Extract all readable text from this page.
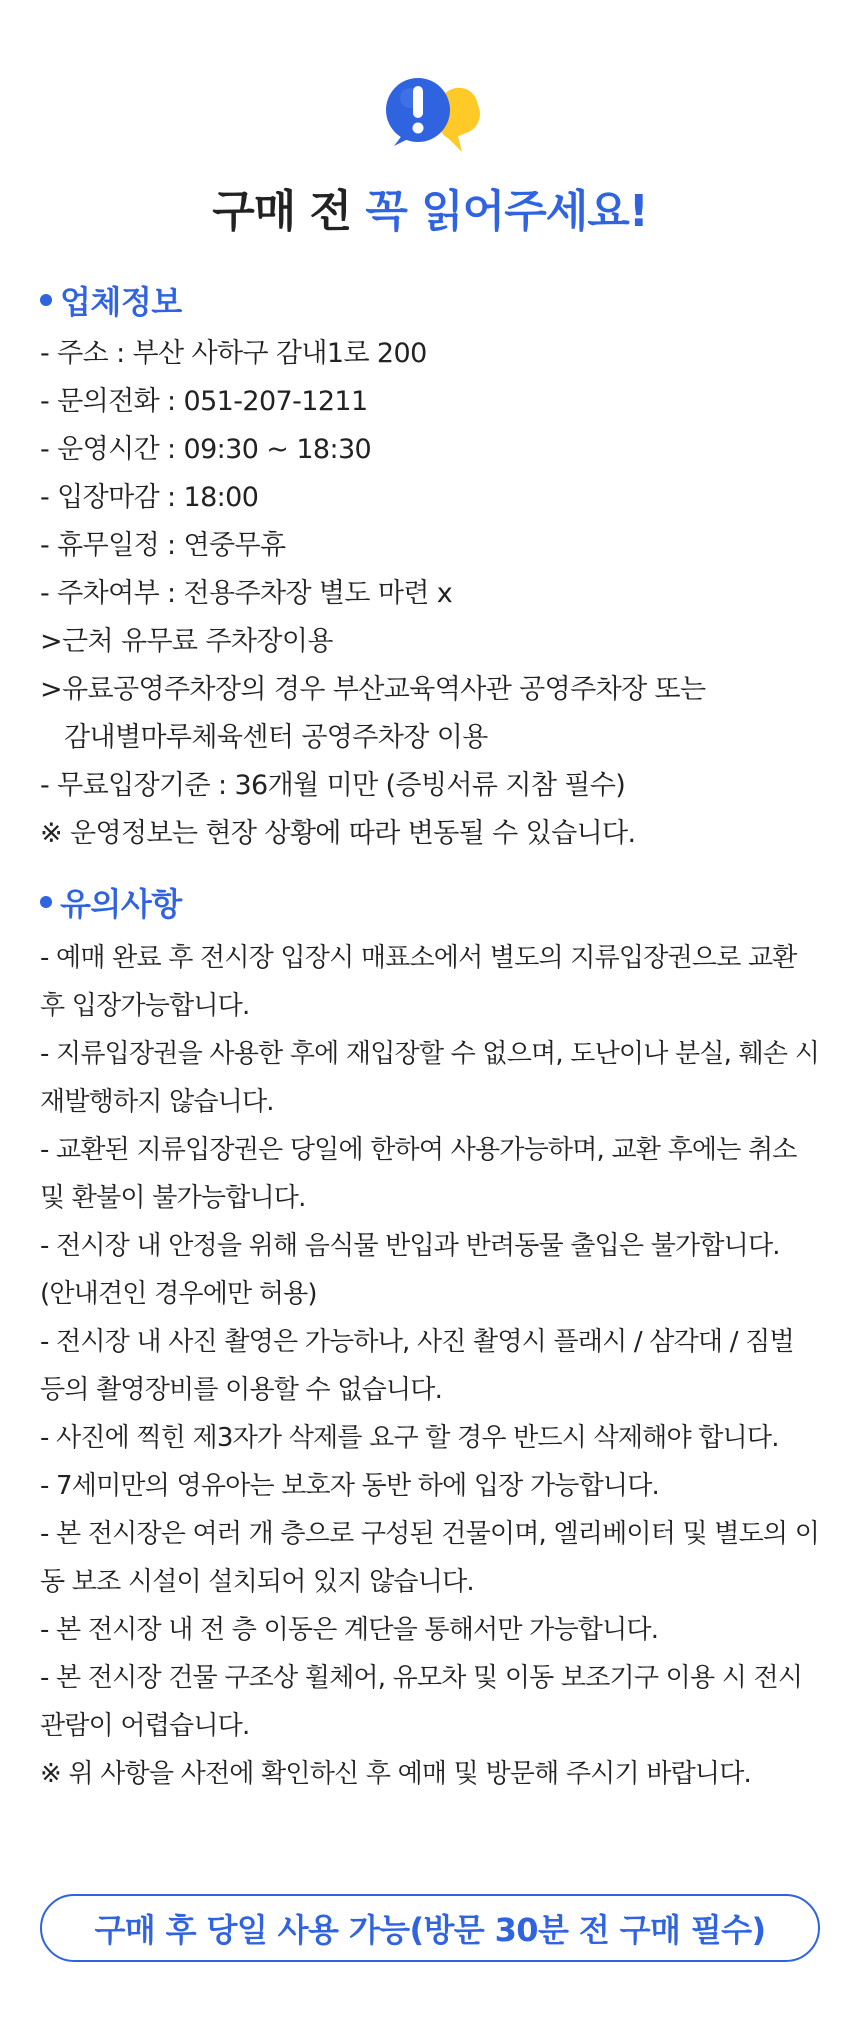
구매 전 꼭 읽어주세요!
업체정보
- 주소 : 부산 사하구 감내1로 200
- 문의전화 : 051-207-1211
- 운영시간 : 09:30 ~ 18:30
- 입장마감 : 18:00
- 휴무일정 : 연중무휴
- 주차여부 : 전용주차장 별도 마련 x
>근처 유무료 주차장이용
>유료공영주차장의 경우 부산교육역사관 공영주차장 또는
감내별마루체육센터 공영주차장 이용
- 무료입장기준 : 36개월 미만 (증빙서류 지참 필수)
※ 운영정보는 현장 상황에 따라 변동될 수 있습니다.
유의사항
- 예매 완료 후 전시장 입장시 매표소에서 별도의 지류입장권으로 교환 후 입장가능합니다.
- 지류입장권을 사용한 후에 재입장할 수 없으며, 도난이나 분실, 훼손 시 재발행하지 않습니다.
- 교환된 지류입장권은 당일에 한하여 사용가능하며, 교환 후에는 취소 및 환불이 불가능합니다.
- 전시장 내 안정을 위해 음식물 반입과 반려동물 출입은 불가합니다. (안내견인 경우에만 허용)
- 전시장 내 사진 촬영은 가능하나, 사진 촬영시 플래시 / 삼각대 / 짐벌 등의 촬영장비를 이용할 수 없습니다.
- 사진에 찍힌 제3자가 삭제를 요구 할 경우 반드시 삭제해야 합니다.
- 7세미만의 영유아는 보호자 동반 하에 입장 가능합니다.
- 본 전시장은 여러 개 층으로 구성된 건물이며, 엘리베이터 및 별도의 이동 보조 시설이 설치되어 있지 않습니다.
- 본 전시장 내 전 층 이동은 계단을 통해서만 가능합니다.
- 본 전시장 건물 구조상 휠체어, 유모차 및 이동 보조기구 이용 시 전시 관람이 어렵습니다.
※ 위 사항을 사전에 확인하신 후 예매 및 방문해 주시기 바랍니다.
구매 후 당일 사용 가능(방문 30분 전 구매 필수)
